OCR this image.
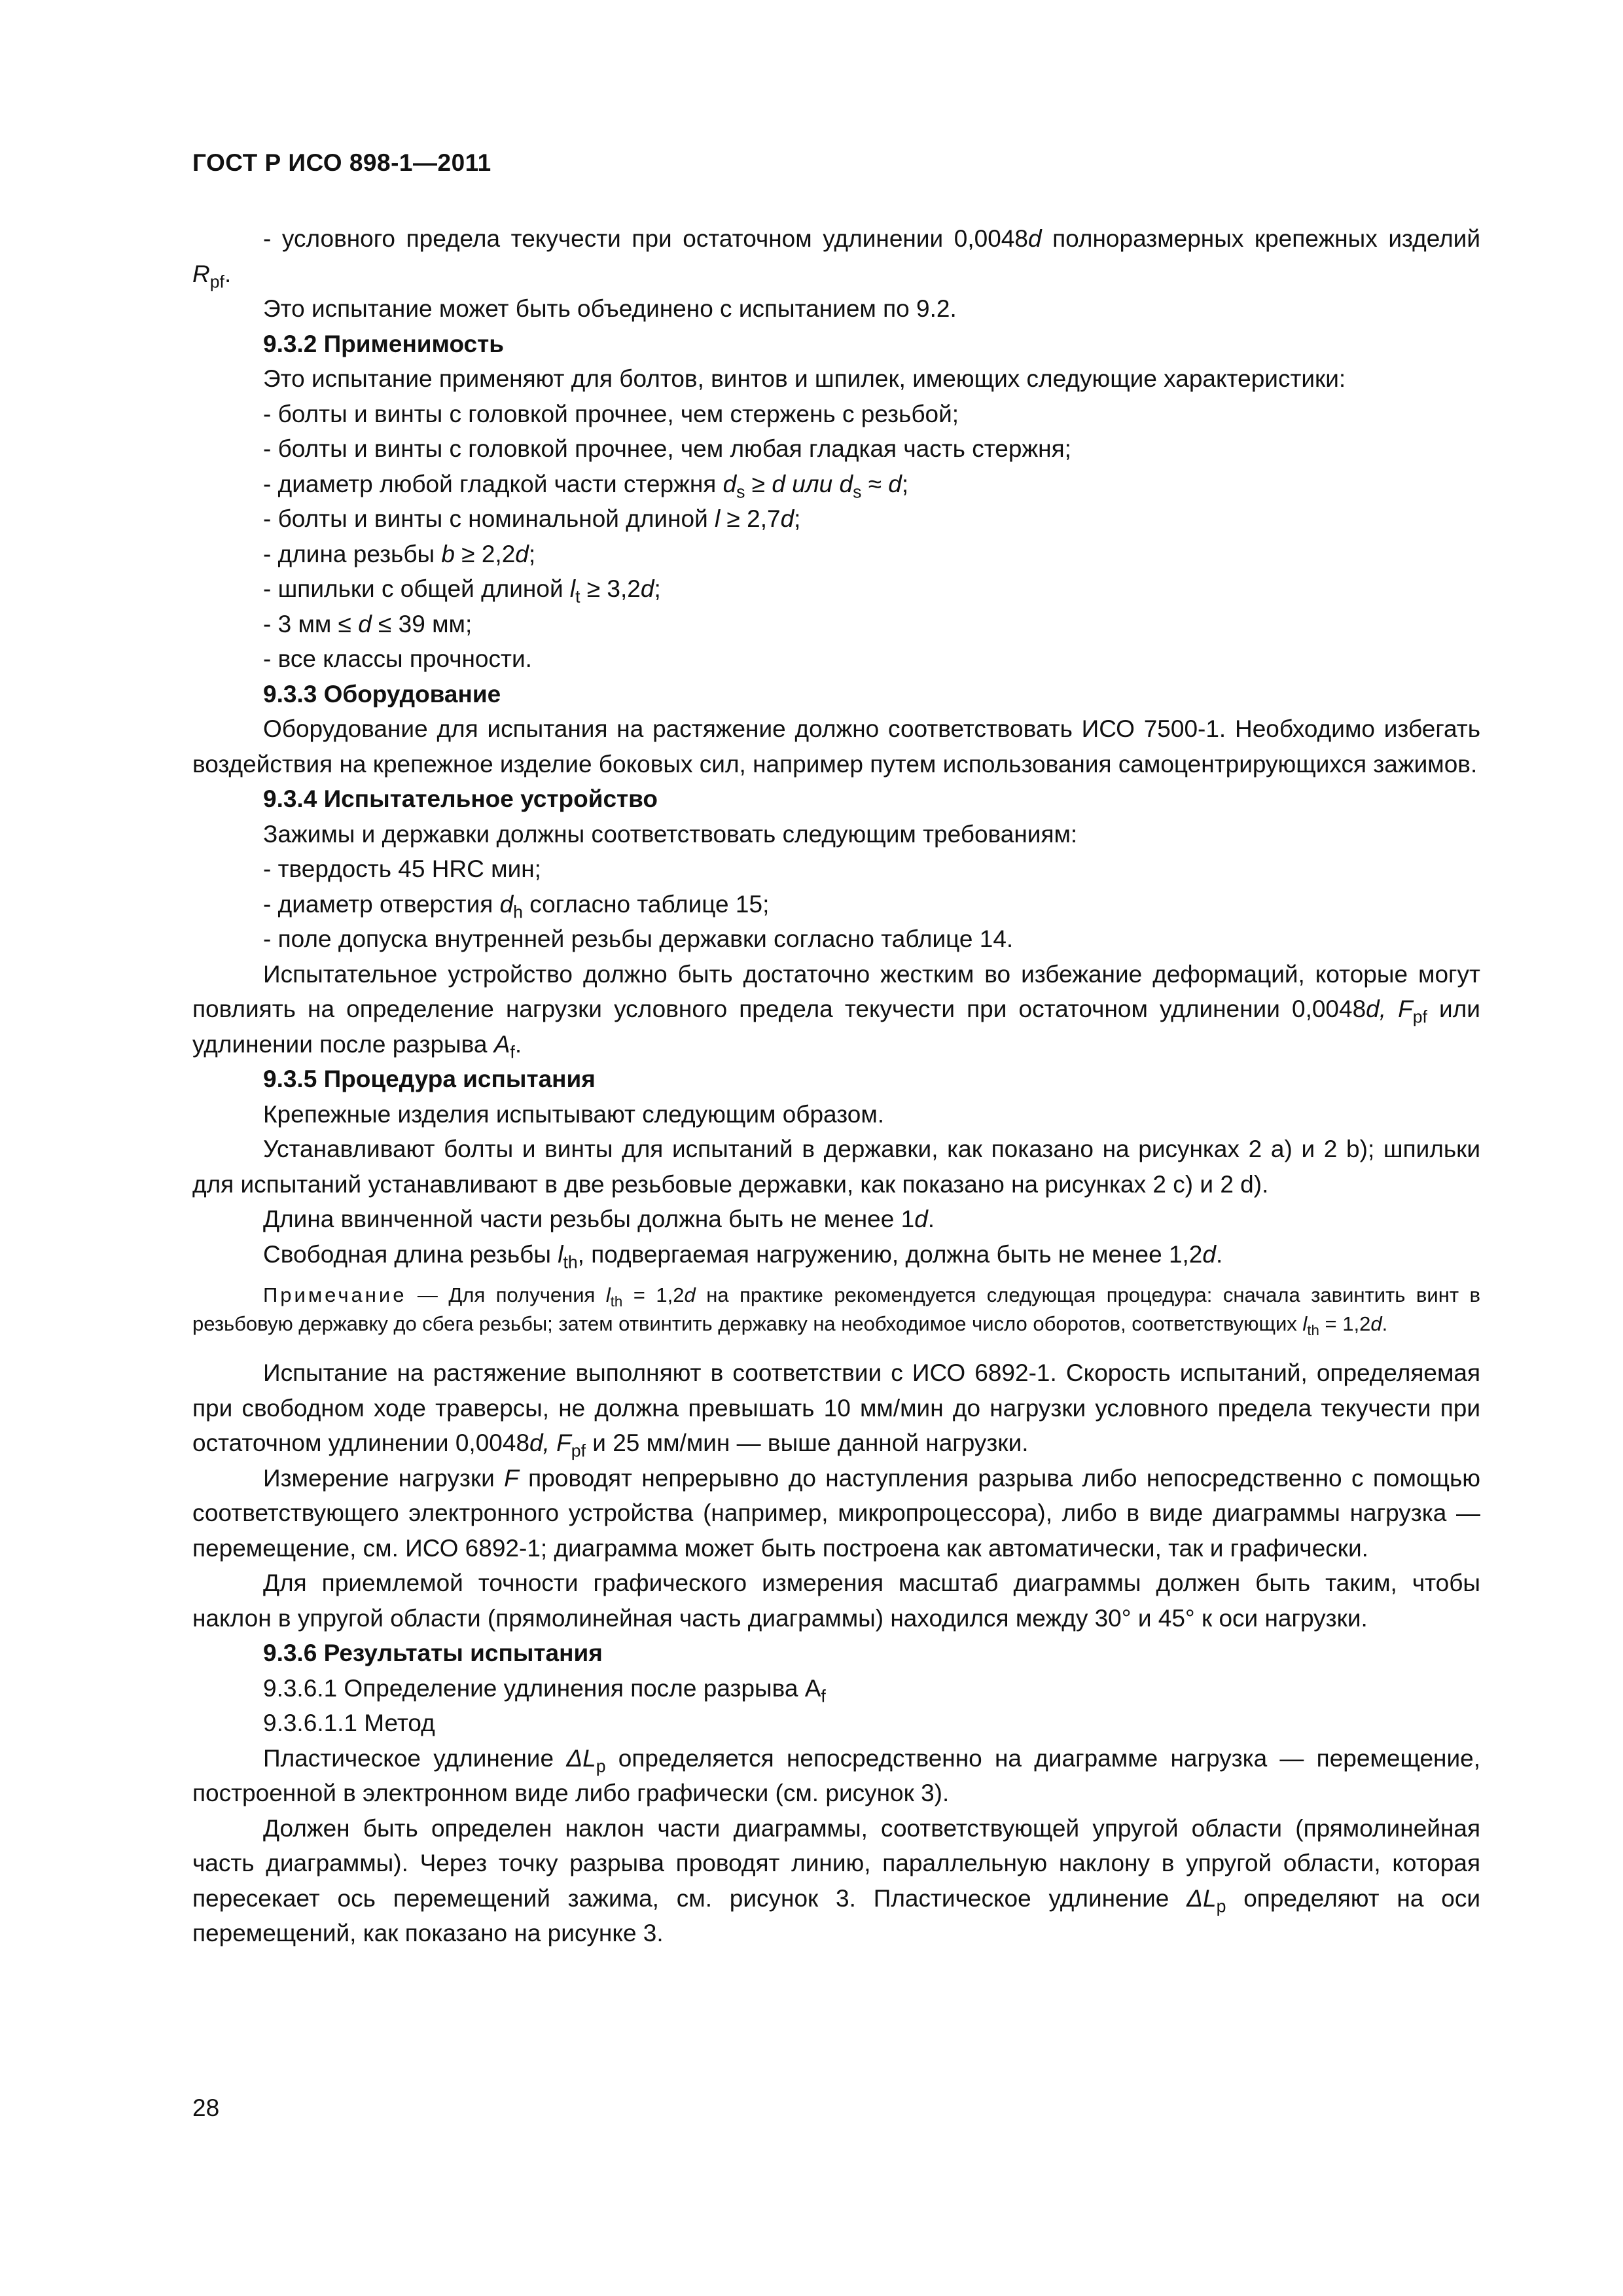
ГОСТ Р ИСО 898-1—2011

- условного предела текучести при остаточном удлинении 0,0048d полноразмерных крепежных изделий $R_{pf}$.

Это испытание может быть объединено с испытанием по 9.2.

9.3.2 Применимость

Это испытание применяют для болтов, винтов и шпилек, имеющих следующие характеристики:

- болты и винты с головкой прочнее, чем стержень с резьбой;

- болты и винты с головкой прочнее, чем любая гладкая часть стержня;

- диаметр любой гладкой части стержня $d_s \ge d$ или $d_s \approx d$;

- болты и винты с номинальной длиной l ≥ 2,7d;

- длина резьбы b ≥ 2,2d;

- шпильки с общей длиной $l_t \ge 3,2d$;

- 3 мм ≤ d ≤ 39 мм;

- все классы прочности.

9.3.3 Оборудование

Оборудование для испытания на растяжение должно соответствовать ИСО 7500-1. Необходимо избегать воздействия на крепежное изделие боковых сил, например путем использования самоцентрирующихся зажимов.

9.3.4 Испытательное устройство

Зажимы и державки должны соответствовать следующим требованиям:

- твердость 45 HRC мин;

- диаметр отверстия $d_h$ согласно таблице 15;

- поле допуска внутренней резьбы державки согласно таблице 14.

Испытательное устройство должно быть достаточно жестким во избежание деформаций, которые могут повлиять на определение нагрузки условного предела текучести при остаточном удлинении 0,0048d, $F_{pf}$ или удлинении после разрыва $A_f$.

9.3.5 Процедура испытания

Крепежные изделия испытывают следующим образом.

Устанавливают болты и винты для испытаний в державки, как показано на рисунках 2 a) и 2 b); шпильки для испытаний устанавливают в две резьбовые державки, как показано на рисунках 2 c) и 2 d).

Длина ввинченной части резьбы должна быть не менее 1d.

Свободная длина резьбы $l_{th}$, подвергаемая нагружению, должна быть не менее 1,2d.

Примечание — Для получения $l_{th} = 1,2d$ на практике рекомендуется следующая процедура: сначала завинтить винт в резьбовую державку до сбега резьбы; затем отвинтить державку на необходимое число оборотов, соответствующих $l_{th} = 1,2d$.

Испытание на растяжение выполняют в соответствии с ИСО 6892-1. Скорость испытаний, определяемая при свободном ходе траверсы, не должна превышать 10 мм/мин до нагрузки условного предела текучести при остаточном удлинении 0,0048d, $F_{pf}$ и 25 мм/мин — выше данной нагрузки.

Измерение нагрузки F проводят непрерывно до наступления разрыва либо непосредственно с помощью соответствующего электронного устройства (например, микропроцессора), либо в виде диаграммы нагрузка — перемещение, см. ИСО 6892-1; диаграмма может быть построена как автоматически, так и графически.

Для приемлемой точности графического измерения масштаб диаграммы должен быть таким, чтобы наклон в упругой области (прямолинейная часть диаграммы) находился между 30° и 45° к оси нагрузки.

9.3.6 Результаты испытания

9.3.6.1 Определение удлинения после разрыва $A_f$

9.3.6.1.1 Метод

Пластическое удлинение $\Delta L_p$ определяется непосредственно на диаграмме нагрузка — перемещение, построенной в электронном виде либо графически (см. рисунок 3).

Должен быть определен наклон части диаграммы, соответствующей упругой области (прямолинейная часть диаграммы). Через точку разрыва проводят линию, параллельную наклону в упругой области, которая пересекает ось перемещений зажима, см. рисунок 3. Пластическое удлинение $\Delta L_p$ определяют на оси перемещений, как показано на рисунке 3.

28
